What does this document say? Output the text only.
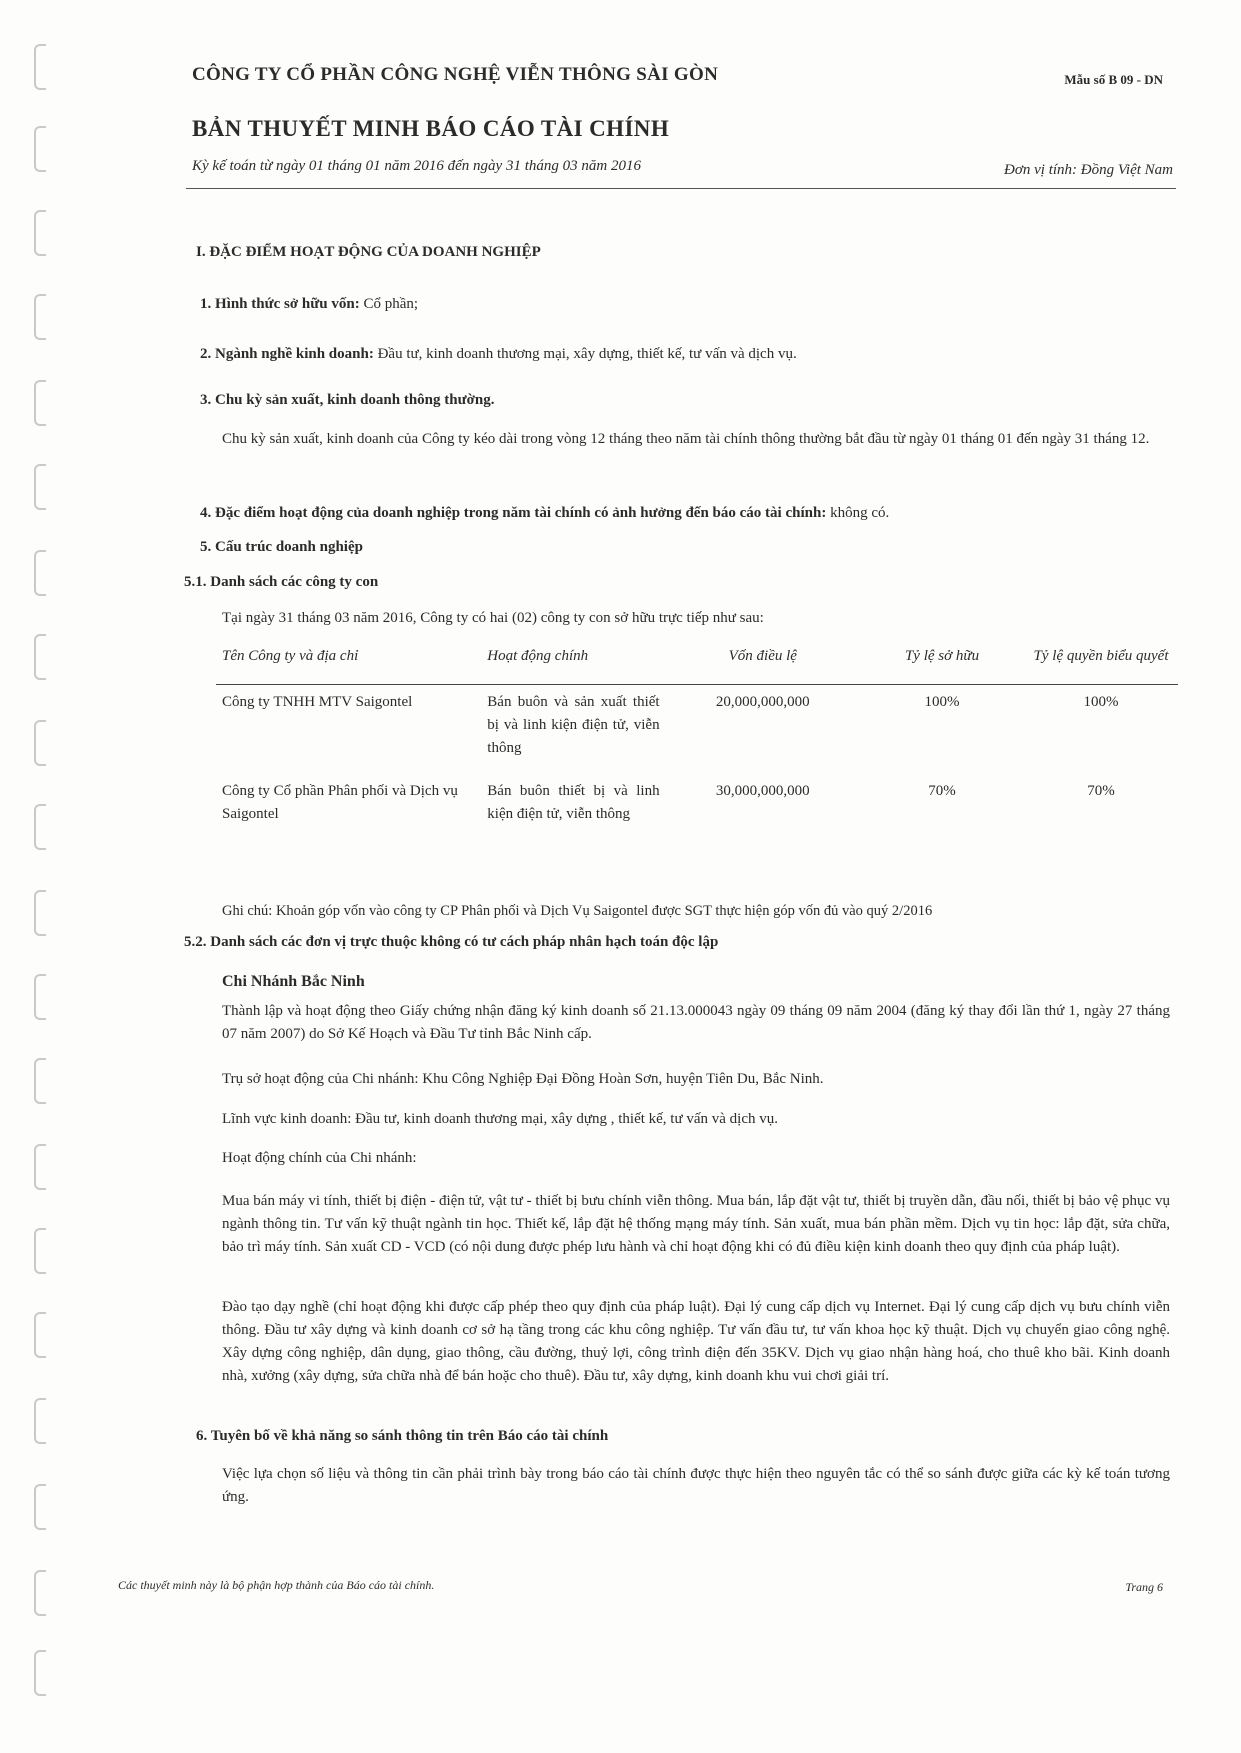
CÔNG TY CỔ PHẦN CÔNG NGHỆ VIỄN THÔNG SÀI GÒN	Mẫu số B 09 - DN
BẢN THUYẾT MINH BÁO CÁO TÀI CHÍNH
Kỳ kế toán từ ngày 01 tháng 01 năm 2016 đến ngày 31 tháng 03 năm 2016	Đơn vị tính: Đồng Việt Nam
I. ĐẶC ĐIỂM HOẠT ĐỘNG CỦA DOANH NGHIỆP
1. Hình thức sở hữu vốn: Cổ phần;
2. Ngành nghề kinh doanh: Đầu tư, kinh doanh thương mại, xây dựng, thiết kế, tư vấn và dịch vụ.
3. Chu kỳ sản xuất, kinh doanh thông thường.
Chu kỳ sản xuất, kinh doanh của Công ty kéo dài trong vòng 12 tháng theo năm tài chính thông thường bắt đầu từ ngày 01 tháng 01 đến ngày 31 tháng 12.
4. Đặc điểm hoạt động của doanh nghiệp trong năm tài chính có ảnh hưởng đến báo cáo tài chính: không có.
5. Cấu trúc doanh nghiệp
5.1. Danh sách các công ty con
Tại ngày 31 tháng 03 năm 2016, Công ty có hai (02) công ty con sở hữu trực tiếp như sau:
Tên Công ty và địa chỉ	Hoạt động chính	Vốn điều lệ	Tỷ lệ sở hữu	Tỷ lệ quyền biểu quyết
Công ty TNHH MTV Saigontel	Bán buôn và sản xuất thiết bị và linh kiện điện tử, viễn thông	20,000,000,000	100%	100%
Công ty Cổ phần Phân phối và Dịch vụ Saigontel	Bán buôn thiết bị và linh kiện điện tử, viễn thông	30,000,000,000	70%	70%
Ghi chú: Khoản góp vốn vào công ty CP Phân phối và Dịch Vụ Saigontel được SGT thực hiện góp vốn đủ vào quý 2/2016
5.2. Danh sách các đơn vị trực thuộc không có tư cách pháp nhân hạch toán độc lập
Chi Nhánh Bắc Ninh
Thành lập và hoạt động theo Giấy chứng nhận đăng ký kinh doanh số 21.13.000043 ngày 09 tháng 09 năm 2004 (đăng ký thay đổi lần thứ 1, ngày 27 tháng 07 năm 2007) do Sở Kế Hoạch và Đầu Tư tỉnh Bắc Ninh cấp.
Trụ sở hoạt động của Chi nhánh: Khu Công Nghiệp Đại Đồng Hoàn Sơn, huyện Tiên Du, Bắc Ninh.
Lĩnh vực kinh doanh: Đầu tư, kinh doanh thương mại, xây dựng , thiết kế, tư vấn và dịch vụ.
Hoạt động chính của Chi nhánh:
Mua bán máy vi tính, thiết bị điện - điện tử, vật tư - thiết bị bưu chính viễn thông. Mua bán, lắp đặt vật tư, thiết bị truyền dẫn, đầu nối, thiết bị bảo vệ phục vụ ngành thông tin. Tư vấn kỹ thuật ngành tin học. Thiết kế, lắp đặt hệ thống mạng máy tính. Sản xuất, mua bán phần mềm. Dịch vụ tin học: lắp đặt, sửa chữa, bảo trì máy tính. Sản xuất CD - VCD (có nội dung được phép lưu hành và chỉ hoạt động khi có đủ điều kiện kinh doanh theo quy định của pháp luật).
Đào tạo dạy nghề (chỉ hoạt động khi được cấp phép theo quy định của pháp luật). Đại lý cung cấp dịch vụ Internet. Đại lý cung cấp dịch vụ bưu chính viễn thông. Đầu tư xây dựng và kinh doanh cơ sở hạ tầng trong các khu công nghiệp. Tư vấn đầu tư, tư vấn khoa học kỹ thuật. Dịch vụ chuyển giao công nghệ. Xây dựng công nghiệp, dân dụng, giao thông, cầu đường, thuỷ lợi, công trình điện đến 35KV. Dịch vụ giao nhận hàng hoá, cho thuê kho bãi. Kinh doanh nhà, xưởng (xây dựng, sửa chữa nhà để bán hoặc cho thuê). Đầu tư, xây dựng, kinh doanh khu vui chơi giải trí.
6. Tuyên bố về khả năng so sánh thông tin trên Báo cáo tài chính
Việc lựa chọn số liệu và thông tin cần phải trình bày trong báo cáo tài chính được thực hiện theo nguyên tắc có thể so sánh được giữa các kỳ kế toán tương ứng.
Các thuyết minh này là bộ phận hợp thành của Báo cáo tài chính.	Trang 6
